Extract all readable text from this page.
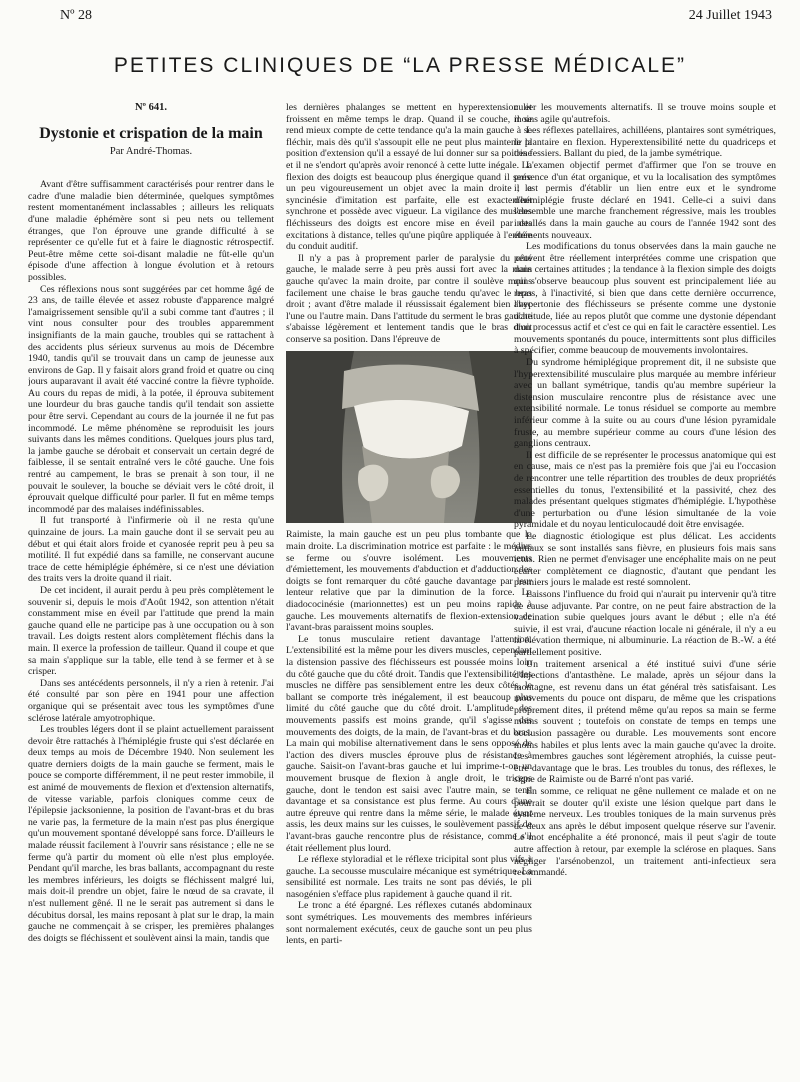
Nº 28	24 Juillet 1943
PETITES CLINIQUES DE “LA PRESSE MÉDICALE”
Nº 641.
Dystonie et crispation de la main
Par André-Thomas.

Avant d'être suffisamment caractérisés pour rentrer dans le cadre d'une maladie bien déterminée, quelques symptômes restent momentanément inclassables ; ailleurs les reliquats d'une maladie éphémère sont si peu nets ou tellement étranges, que l'on éprouve une grande difficulté à se représenter ce qu'elle fut et à faire le diagnostic rétrospectif. Peut-être même cette soi-disant maladie ne fût-elle qu'un épisode d'une affection à longue évolution et à retours possibles.

Ces réflexions nous sont suggérées par cet homme âgé de 23 ans, de taille élevée et assez robuste d'apparence malgré l'amaigrissement sensible qu'il a subi comme tant d'autres ; il vint nous consulter pour des troubles apparemment insignifiants de la main gauche, troubles qui se rattachent à des accidents plus sérieux survenus au mois de Décembre 1940, tandis qu'il se trouvait dans un camp de jeunesse aux environs de Gap. Il y faisait alors grand froid et quatre ou cinq jours auparavant il avait été vacciné contre la fièvre typhoïde. Au cours du repas de midi, à la potée, il éprouva subitement une lourdeur du bras gauche tandis qu'il tendait son assiette pour être servi. Cependant au cours de la journée il ne fut pas incommodé. Le même phénomène se reproduisit les jours suivants dans les mêmes conditions. Quelques jours plus tard, la jambe gauche se dérobait et conservait un certain degré de faiblesse, il se sentait entraîné vers le côté gauche. Une fois rentré au campement, le bras se prenait à son tour, il ne pouvait le soulever, la bouche se déviait vers le côté droit, il éprouvait quelque difficulté pour parler. Il fut en même temps incommodé par des malaises indéfinissables.

Il fut transporté à l'infirmerie où il ne resta qu'une quinzaine de jours. La main gauche dont il se servait peu au début et qui était alors froide et cyanosée reprit peu à peu sa motilité. Il fut expédié dans sa famille, ne conservant aucune trace de cette hémiplégie éphémère, si ce n'est une déviation des traits vers la droite quand il riait.

De cet incident, il aurait perdu à peu près complètement le souvenir si, depuis le mois d'Août 1942, son attention n'était constamment mise en éveil par l'attitude que prend la main gauche quand elle ne participe pas à une occupation ou à son travail. Les doigts restent alors complètement fléchis dans la main. Il exerce la profession de tailleur. Quand il coupe et que sa main s'applique sur la table, elle tend à se fermer et à se crisper.

Dans ses antécédents personnels, il n'y a rien à retenir. J'ai été consulté par son père en 1941 pour une affection organique qui se présentait avec tous les symptômes d'une sclérose latérale amyotrophique.

Les troubles légers dont il se plaint actuellement paraissent devoir être rattachés à l'hémiplégie fruste qui s'est déclarée en deux temps au mois de Décembre 1940. Non seulement les quatre derniers doigts de la main gauche se ferment, mais le pouce se comporte différemment, il ne peut rester immobile, il est animé de mouvements de flexion et d'extension alternatifs, de vitesse variable, parfois cloniques comme ceux de l'épilepsie jacksonienne, la position de l'avant-bras et du bras ne varie pas, la fermeture de la main n'est pas plus énergique qu'un mouvement spontané développé sans force. D'ailleurs le malade réussit facilement à l'ouvrir sans résistance ; elle ne se ferme qu'à partir du moment où elle n'est plus employée. Pendant qu'il marche, les bras ballants, accompagnant du reste les membres inférieurs, les doigts se fléchissent malgré lui, mais doit-il prendre un objet, faire le nœud de sa cravate, il n'est nullement gêné. Il ne le serait pas autrement si dans le décubitus dorsal, les mains reposant à plat sur le drap, la main gauche ne commençait à se crisper, les premières phalanges des doigts se fléchissent et soulèvent ainsi la main, tandis que

les dernières phalanges se mettent en hyperextension et froissent en même temps le drap. Quand il se couche, il se rend mieux compte de cette tendance qu'a la main gauche à se fléchir, mais dès qu'il s'assoupit elle ne peut plus maintenir la position d'extension qu'il a essayé de lui donner sur sa poitrine et il ne s'endort qu'après avoir renoncé à cette lutte inégale. La flexion des doigts est beaucoup plus énergique quand il serre un peu vigoureusement un objet avec la main droite ; la syncinésie d'imitation est parfaite, elle est exactement synchrone et possède avec vigueur. La vigilance des muscles fléchisseurs des doigts est encore mise en éveil par des excitations à distance, telles qu'une piqûre appliquée à l'entrée du conduit auditif.

Il n'y a pas à proprement parler de paralysie du côté gauche, le malade serre à peu près aussi fort avec la main gauche qu'avec la main droite, par contre il soulève moins facilement une chaise le bras gauche tendu qu'avec le bras droit ; avant d'être malade il réussissait également bien avec l'une ou l'autre main. Dans l'attitude du serment le bras gauche s'abaisse légèrement et lentement tandis que le bras droit conserve sa position. Dans l'épreuve de

Raimiste, la main gauche est un peu plus tombante que la main droite. La discrimination motrice est parfaite : le médius se ferme ou s'ouvre isolément. Les mouvements d'émiettement, les mouvements d'abduction et d'adduction des doigts se font remarquer du côté gauche davantage par leur lenteur relative que par la diminution de la force. La diadococinésie (marionnettes) est un peu moins rapide à gauche. Les mouvements alternatifs de flexion-extension de l'avant-bras paraissent moins souples.

Le tonus musculaire retient davantage l'attention. L'extensibilité est la même pour les divers muscles, cependant la distension passive des fléchisseurs est poussée moins loin du côté gauche que du côté droit. Tandis que l'extensibilité des muscles ne diffère pas sensiblement entre les deux côtés, le ballant se comporte très inégalement, il est beaucoup plus limité du côté gauche que du côté droit. L'amplitude des mouvements passifs est moins grande, qu'il s'agisse des mouvements des doigts, de la main, de l'avant-bras et du bras. La main qui mobilise alternativement dans le sens opposé de l'action des divers muscles éprouve plus de résistance à gauche. Saisit-on l'avant-bras gauche et lui imprime-t-on un mouvement brusque de flexion à angle droit, le triceps gauche, dont le tendon est saisi avec l'autre main, se tend davantage et sa consistance est plus ferme. Au cours d'une autre épreuve qui rentre dans la même série, le malade étant assis, les deux mains sur les cuisses, le soulèvement passif de l'avant-bras gauche rencontre plus de résistance, comme s'il était réellement plus lourd.

Le réflexe styloradial et le réflexe tricipital sont plus vifs à gauche. La secousse musculaire mécanique est symétrique. La sensibilité est normale. Les traits ne sont pas déviés, le pli nasogénien s'efface plus rapidement à gauche quand il rit.

Le tronc a été épargné. Les réflexes cutanés abdominaux sont symétriques. Les mouvements des membres inférieurs sont normalement exécutés, ceux de gauche sont un peu plus lents, en parti-

culier les mouvements alternatifs. Il se trouve moins souple et moins agile qu'autrefois.

Les réflexes patellaires, achilléens, plantaires sont symétriques, le plantaire en flexion. Hyperextensibilité nette du quadriceps et des fessiers. Ballant du pied, de la jambe symétrique.

L'examen objectif permet d'affirmer que l'on se trouve en présence d'un état organique, et vu la localisation des symptômes il est permis d'établir un lien entre eux et le syndrome d'hémiplégie fruste déclaré en 1941. Celle-ci a suivi dans l'ensemble une marche franchement régressive, mais les troubles installés dans la main gauche au cours de l'année 1942 sont des éléments nouveaux.

Les modifications du tonus observées dans la main gauche ne peuvent être réellement interprétées comme une crispation que dans certaines attitudes ; la tendance à la flexion simple des doigts qui s'observe beaucoup plus souvent est principalement liée au repos, à l'inactivité, si bien que dans cette dernière occurrence, l'hypertonie des fléchisseurs se présente comme une dystonie d'attitude, liée au repos plutôt que comme une dystonie dépendant d'un processus actif et c'est ce qui en fait le caractère essentiel. Les mouvements spontanés du pouce, intermittents sont plus difficiles à spécifier, comme beaucoup de mouvements involontaires.

Du syndrome hémiplégique proprement dit, il ne subsiste que l'hyperextensibilité musculaire plus marquée au membre inférieur avec un ballant symétrique, tandis qu'au membre supérieur la distension musculaire rencontre plus de résistance avec une extensibilité normale. Le tonus résiduel se comporte au membre inférieur comme à la suite ou au cours d'une lésion pyramidale fruste, au membre supérieur comme au cours d'une lésion des ganglions centraux.

Il est difficile de se représenter le processus anatomique qui est en cause, mais ce n'est pas la première fois que j'ai eu l'occasion de rencontrer une telle répartition des troubles de deux propriétés essentielles du tonus, l'extensibilité et la passivité, chez des malades présentant quelques stigmates d'hémiplégie. L'hypothèse d'une perturbation ou d'une lésion simultanée de la voie pyramidale et du noyau lenticulocaudé doit être envisagée.

Le diagnostic étiologique est plus délicat. Les accidents initiaux se sont installés sans fièvre, en plusieurs fois mais sans ictus. Rien ne permet d'envisager une encéphalite mais on ne peut écarter complètement ce diagnostic, d'autant que pendant les premiers jours le malade est resté somnolent.

Laissons l'influence du froid qui n'aurait pu intervenir qu'à titre de cause adjuvante. Par contre, on ne peut faire abstraction de la vaccination subie quelques jours avant le début ; elle n'a été suivie, il est vrai, d'aucune réaction locale ni générale, il n'y a eu ni élévation thermique, ni albuminurie. La réaction de B.-W. a été partiellement positive.

Un traitement arsenical a été institué suivi d'une série d'injections d'antasthène. Le malade, après un séjour dans la montagne, est revenu dans un état général très satisfaisant. Les mouvements du pouce ont disparu, de même que les crispations proprement dites, il prétend même qu'au repos sa main se ferme moins souvent ; toutefois on constate de temps en temps une occlusion passagère ou durable. Les mouvements sont encore moins habiles et plus lents avec la main gauche qu'avec la droite. Les membres gauches sont légèrement atrophiés, la cuisse peut-être davantage que le bras. Les troubles du tonus, des réflexes, le signe de Raimiste ou de Barré n'ont pas varié.

En somme, ce reliquat ne gêne nullement ce malade et on ne pourrait se douter qu'il existe une lésion quelque part dans le système nerveux. Les troubles toniques de la main survenus près de deux ans après le début imposent quelque réserve sur l'avenir. Le mot encéphalite a été prononcé, mais il peut s'agir de toute autre affection à retour, par exemple la sclérose en plaques. Sans négliger l'arsénobenzol, un traitement anti-infectieux sera recommandé.
